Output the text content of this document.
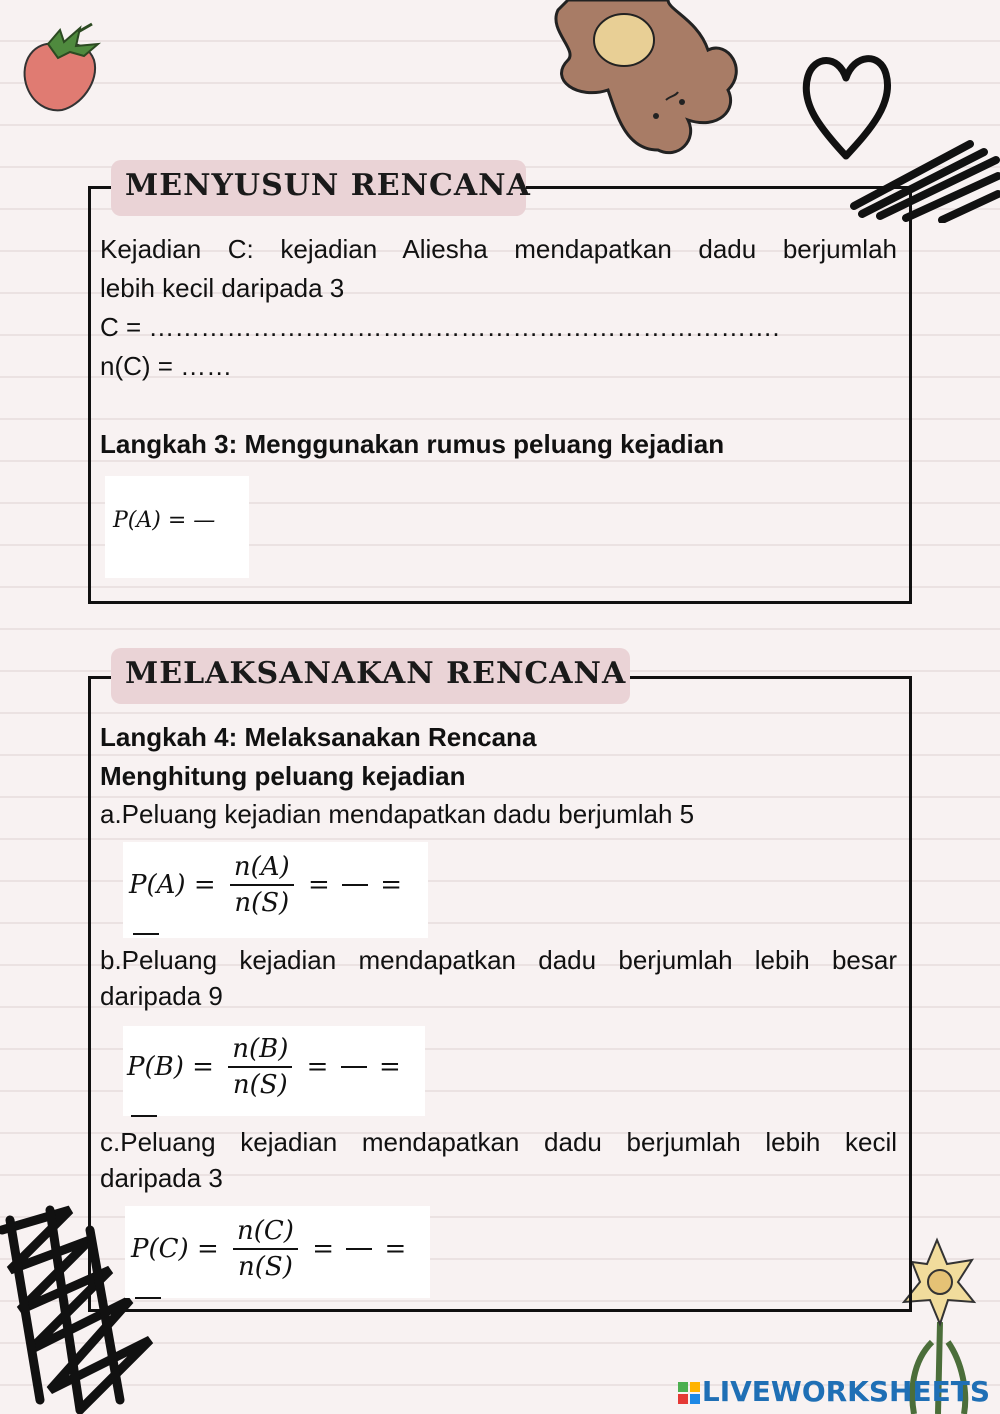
MENYUSUN RENCANA
Kejadian C: kejadian Aliesha mendapatkan dadu berjumlah
lebih kecil daripada 3
C = ……………………………………………………………….
n(C) = ……
Langkah 3: Menggunakan rumus peluang kejadian
P(A) = —
MELAKSANAKAN RENCANA
Langkah 4: Melaksanakan Rencana
Menghitung peluang kejadian
a.Peluang kejadian mendapatkan dadu berjumlah 5
$P(A) = \frac{n(A)}{n(S)}$ = =
b.Peluang kejadian mendapatkan dadu berjumlah lebih besar
daripada 9
$P(B) = \frac{n(B)}{n(S)}$ = =
c.Peluang kejadian mendapatkan dadu berjumlah lebih kecil
daripada 3
$P(C) = \frac{n(C)}{n(S)}$ = =
LIVEWORKSHEETS
